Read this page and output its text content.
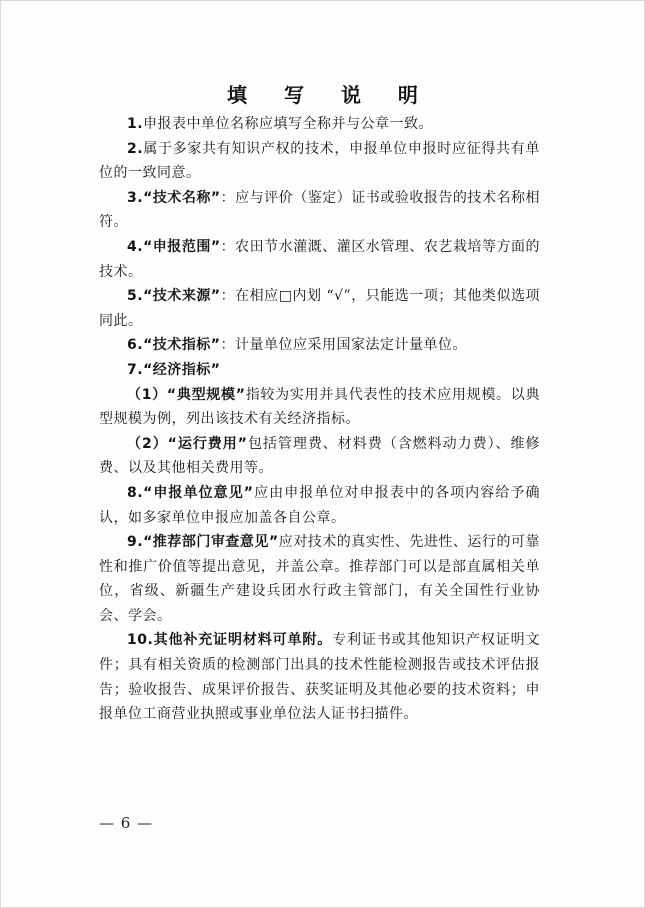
填 写 说 明

1.申报表中单位名称应填写全称并与公章一致。

2.属于多家共有知识产权的技术，申报单位申报时应征得共有单位的一致同意。

3.“技术名称”：应与评价（鉴定）证书或验收报告的技术名称相符。

4.“申报范围”：农田节水灌溉、灌区水管理、农艺栽培等方面的技术。

5.“技术来源”：在相应□内划 “√”，只能选一项；其他类似选项同此。

6.“技术指标”：计量单位应采用国家法定计量单位。

7.“经济指标”

（1）“典型规模”指较为实用并具代表性的技术应用规模。以典型规模为例，列出该技术有关经济指标。

（2）“运行费用”包括管理费、材料费（含燃料动力费）、维修费、以及其他相关费用等。

8.“申报单位意见”应由申报单位对申报表中的各项内容给予确认，如多家单位申报应加盖各自公章。

9.“推荐部门审查意见”应对技术的真实性、先进性、运行的可靠性和推广价值等提出意见，并盖公章。推荐部门可以是部直属相关单位，省级、新疆生产建设兵团水行政主管部门，有关全国性行业协会、学会。

10.其他补充证明材料可单附。专利证书或其他知识产权证明文件；具有相关资质的检测部门出具的技术性能检测报告或技术评估报告；验收报告、成果评价报告、获奖证明及其他必要的技术资料；申报单位工商营业执照或事业单位法人证书扫描件。

— 6 —
